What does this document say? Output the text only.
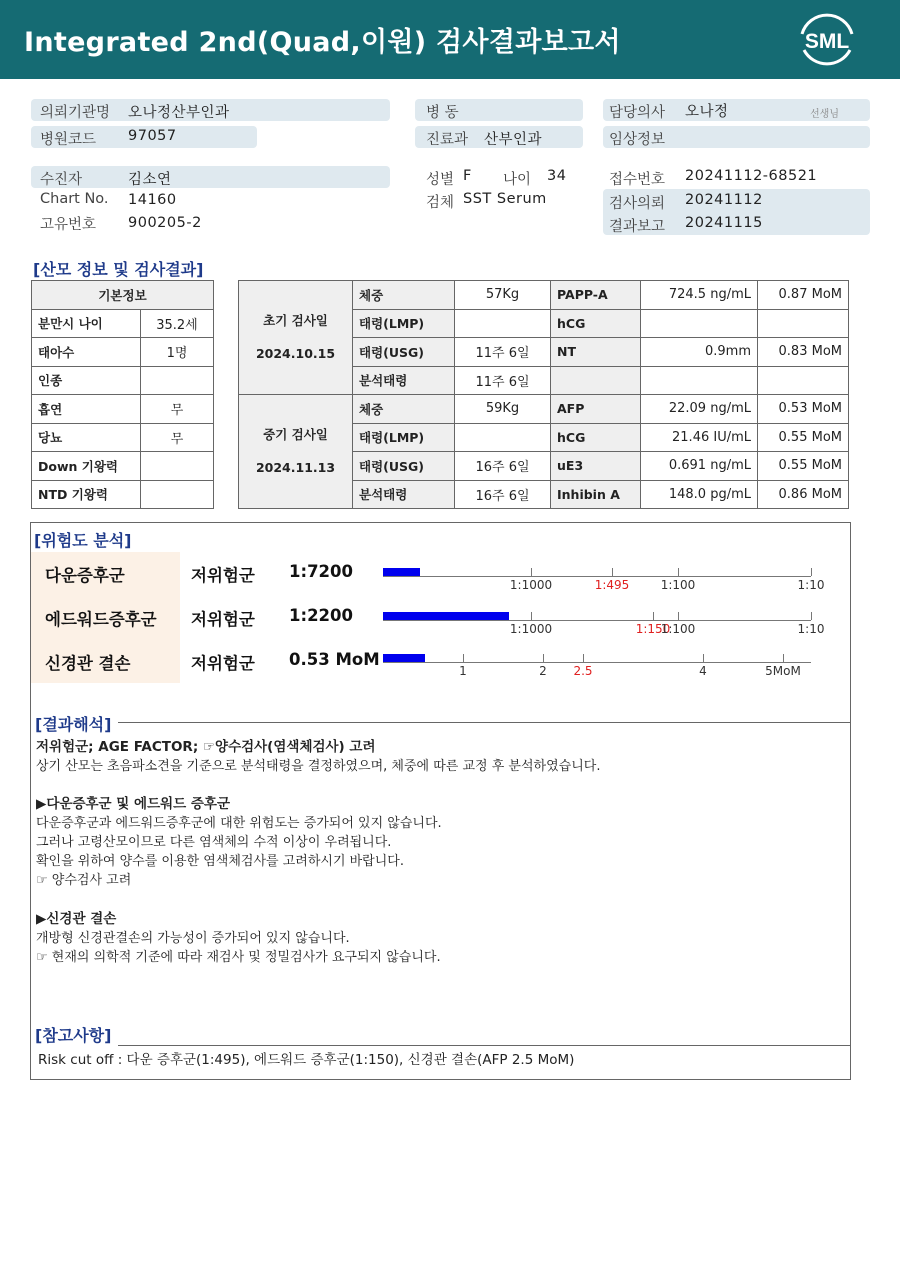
Integrated 2nd(Quad,이원) 검사결과보고서	SML
의뢰기관명 오나정산부인과
병원코드 97057
병 동
진료과 산부인과
담당의사 오나정	선생님
임상정보
수진자	김소연
Chart No. 14160
고유번호 900205-2
성별 F 나이 34
검체 SST Serum
접수번호 20241112-68521
검사의뢰 20241112
결과보고 20241115
[산모 정보 및 검사결과]
기본정보	
분만시 나이	35.2세
태아수	1명
인종	
흡연	무
당뇨	무
Down 기왕력	
NTD 기왕력	
초기 검사일
2024.10.15	체중	57Kg	PAPP-A	724.5 ng/mL	0.87 MoM
	태령(LMP)		hCG		
	태령(USG)	11주 6일	NT	0.9mm	0.83 MoM
	분석태령	11주 6일			

중기 검사일
2024.11.13	체중	59Kg	AFP	22.09 ng/mL	0.53 MoM
	태령(LMP)		hCG	21.46 IU/mL	0.55 MoM
	태령(USG)	16주 6일	uE3	0.691 ng/mL	0.55 MoM
	분석태령	16주 6일	Inhibin A	148.0 pg/mL	0.86 MoM
[위험도 분석]
다운증후군	저위험군 1:7200
1:1000	1:495	1:100	1:10
에드워드증후군 저위험군 1:2200
1:1000	1:150
1:100	1:10
신경관 결손	저위험군 0.53 MoM
1	2 2.5	4	5MoM
[결과해석]
저위험군; AGE FACTOR; ☞양수검사(염색체검사) 고려
상기 산모는 초음파소견을 기준으로 분석태령을 결정하였으며, 체중에 따른 교정 후 분석하였습니다.
▶다운증후군 및 에드워드 증후군
다운증후군과 에드워드증후군에 대한 위험도는 증가되어 있지 않습니다.
그러나 고령산모이므로 다른 염색체의 수적 이상이 우려됩니다.
확인을 위하여 양수를 이용한 염색체검사를 고려하시기 바랍니다.
☞ 양수검사 고려
▶신경관 결손
개방형 신경관결손의 가능성이 증가되어 있지 않습니다.
☞ 현재의 의학적 기준에 따라 재검사 및 정밀검사가 요구되지 않습니다.
[참고사항]
Risk cut off : 다운 증후군(1:495), 에드워드 증후군(1:150), 신경관 결손(AFP 2.5 MoM)
